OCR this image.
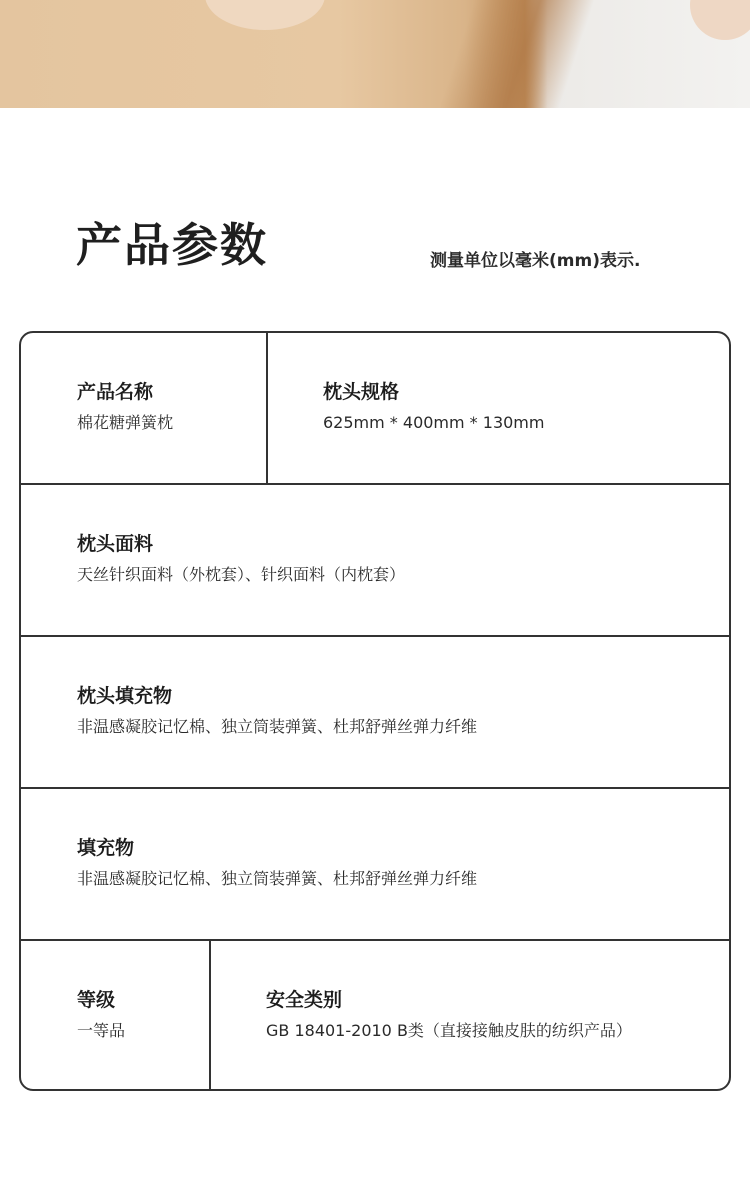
产品参数	测量单位以毫米(mm)表示.
产品名称
棉花糖弹簧枕
枕头规格
625mm * 400mm * 130mm
枕头面料
天丝针织面料（外枕套）、针织面料（内枕套）
枕头填充物
非温感凝胶记忆棉、独立筒装弹簧、杜邦舒弹丝弹力纤维
填充物
非温感凝胶记忆棉、独立筒装弹簧、杜邦舒弹丝弹力纤维
等级
一等品
安全类别
GB 18401-2010 B类（直接接触皮肤的纺织产品）
